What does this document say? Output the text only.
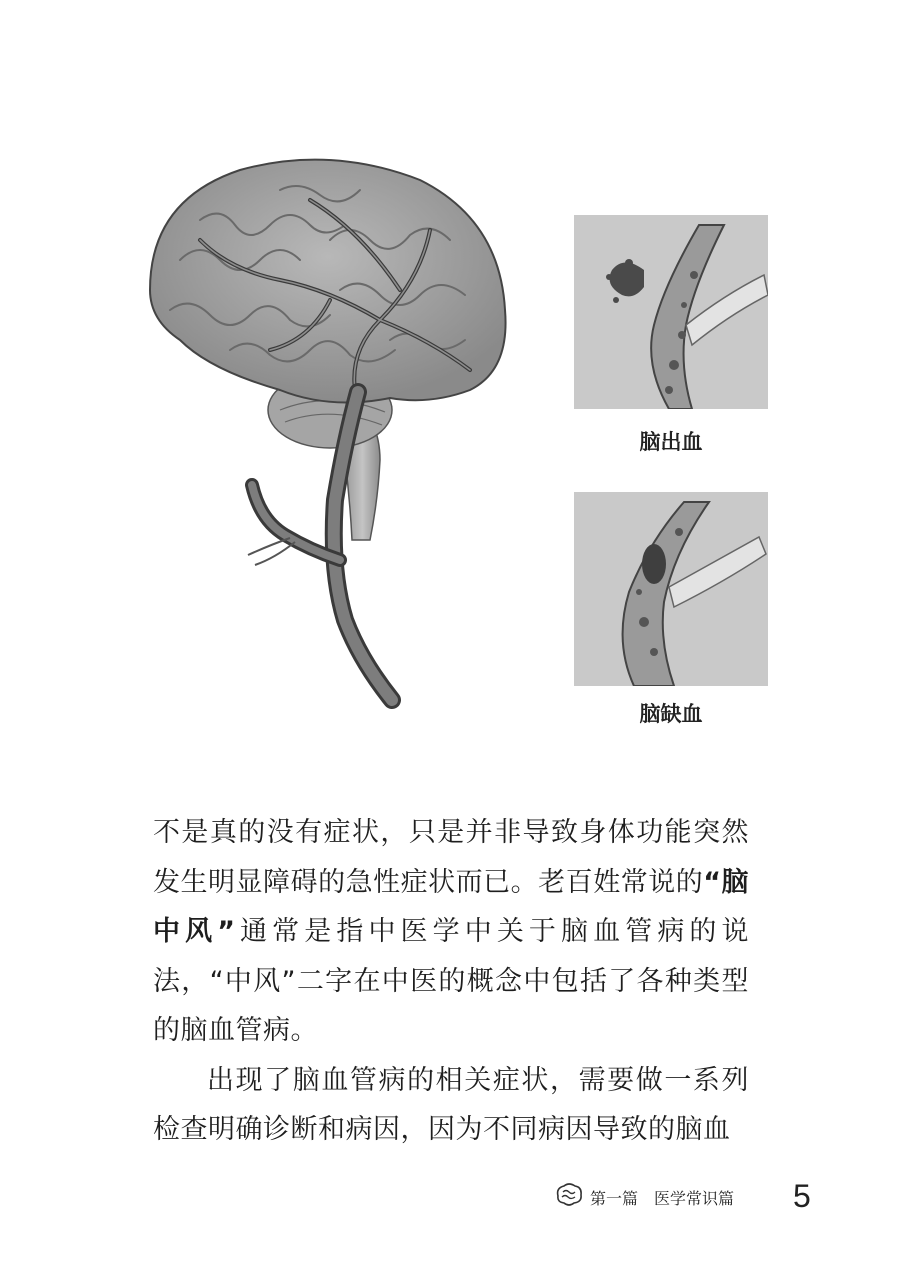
脑出血
脑缺血

不是真的没有症状，只是并非导致身体功能突然发生明显障碍的急性症状而已。老百姓常说的“脑中风”通常是指中医学中关于脑血管病的说法，“中风”二字在中医的概念中包括了各种类型的脑血管病。

出现了脑血管病的相关症状，需要做一系列检查明确诊断和病因，因为不同病因导致的脑血

第一篇　医学常识篇 5
